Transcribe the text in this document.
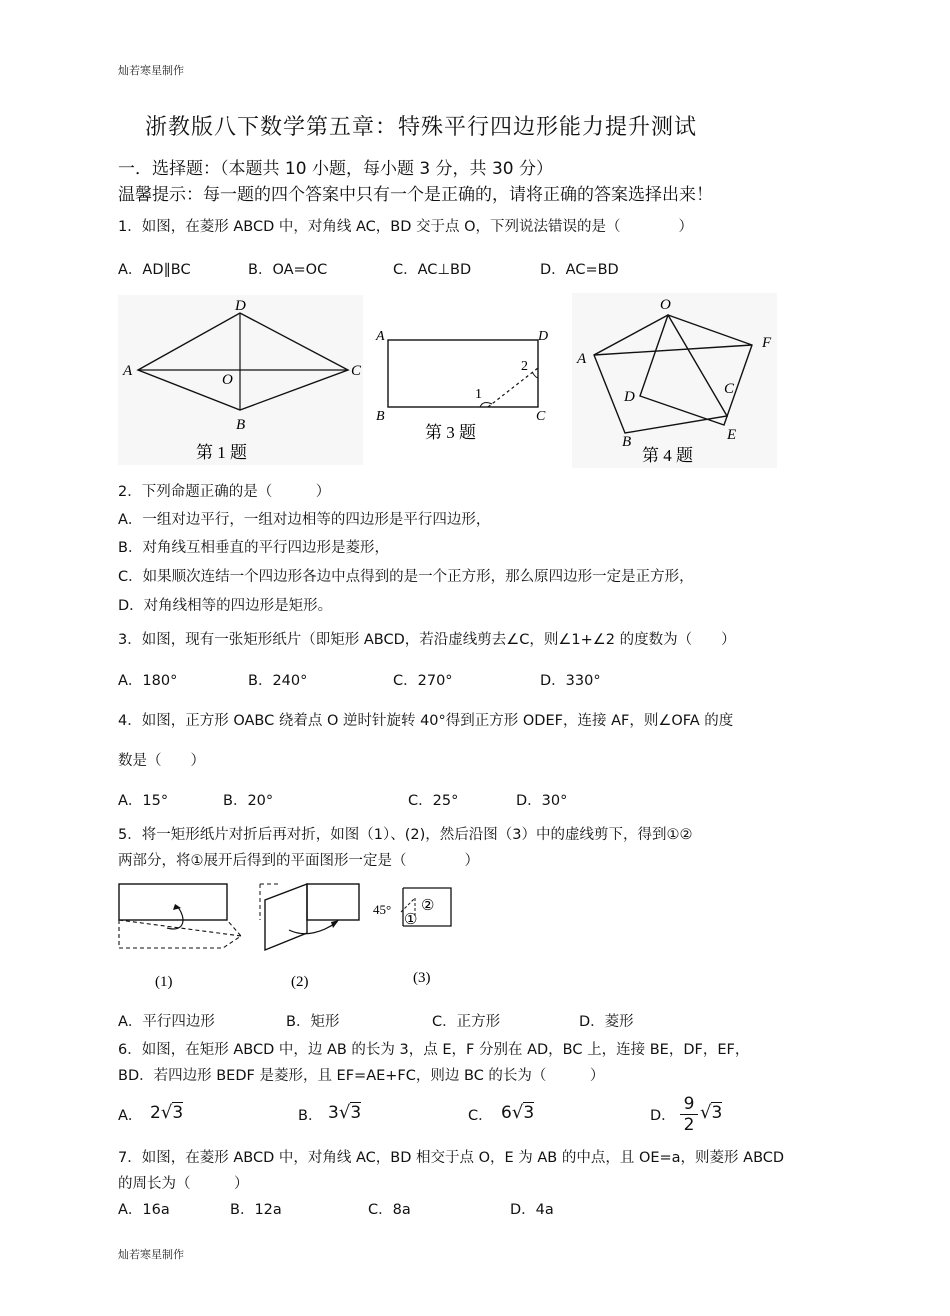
灿若寒星制作
灿若寒星制作
浙教版八下数学第五章：特殊平行四边形能力提升测试
一．选择题：（本题共 10 小题，每小题 3 分，共 30 分）
温馨提示：每一题的四个答案中只有一个是正确的，请将正确的答案选择出来！
1．如图，在菱形 ABCD 中，对角线 AC，BD 交于点 O，下列说法错误的是（　　　　）
A．AD∥BC	B．OA=OC	C．AC⊥BD	D．AC=BD
A
B
C
D
O
第 1 题
A
B	C
D
1
2
第 3 题
O
A
F
D	C
B	E
第 4 题
2．下列命题正确的是（　　　）
A．一组对边平行，一组对边相等的四边形是平行四边形，
B．对角线互相垂直的平行四边形是菱形，
C．如果顺次连结一个四边形各边中点得到的是一个正方形，那么原四边形一定是正方形，
D．对角线相等的四边形是矩形。
3．如图，现有一张矩形纸片（即矩形 ABCD，若沿虚线剪去∠C，则∠1+∠2 的度数为（　　）
A．180°	B．240°	C．270°	D．330°
4．如图，正方形 OABC 绕着点 O 逆时针旋转 40°得到正方形 ODEF，连接 AF，则∠OFA 的度
数是（　　）
A．15°	B．20°	C．25°	D．30°
5．将一矩形纸片对折后再对折，如图（1）、(2)，然后沿图（3）中的虚线剪下，得到①②
两部分，将①展开后得到的平面图形一定是（　　　　）
(1)	(2)
45°
①
②
(3)
A．平行四边形	B．矩形	C．正方形	D．菱形
6．如图，在矩形 ABCD 中，边 AB 的长为 3，点 E，F 分别在 AD，BC 上，连接 BE，DF，EF，
BD．若四边形 BEDF 是菱形，且 EF=AE+FC，则边 BC 的长为（　　　）
A． 2√3	B． 3√3	C． 6√3	D． $\frac{9}{2} √3$
7．如图，在菱形 ABCD 中，对角线 AC，BD 相交于点 O，E 为 AB 的中点，且 OE=a，则菱形 ABCD
的周长为（　　　）
A．16a	B．12a	C．8a	D．4a
